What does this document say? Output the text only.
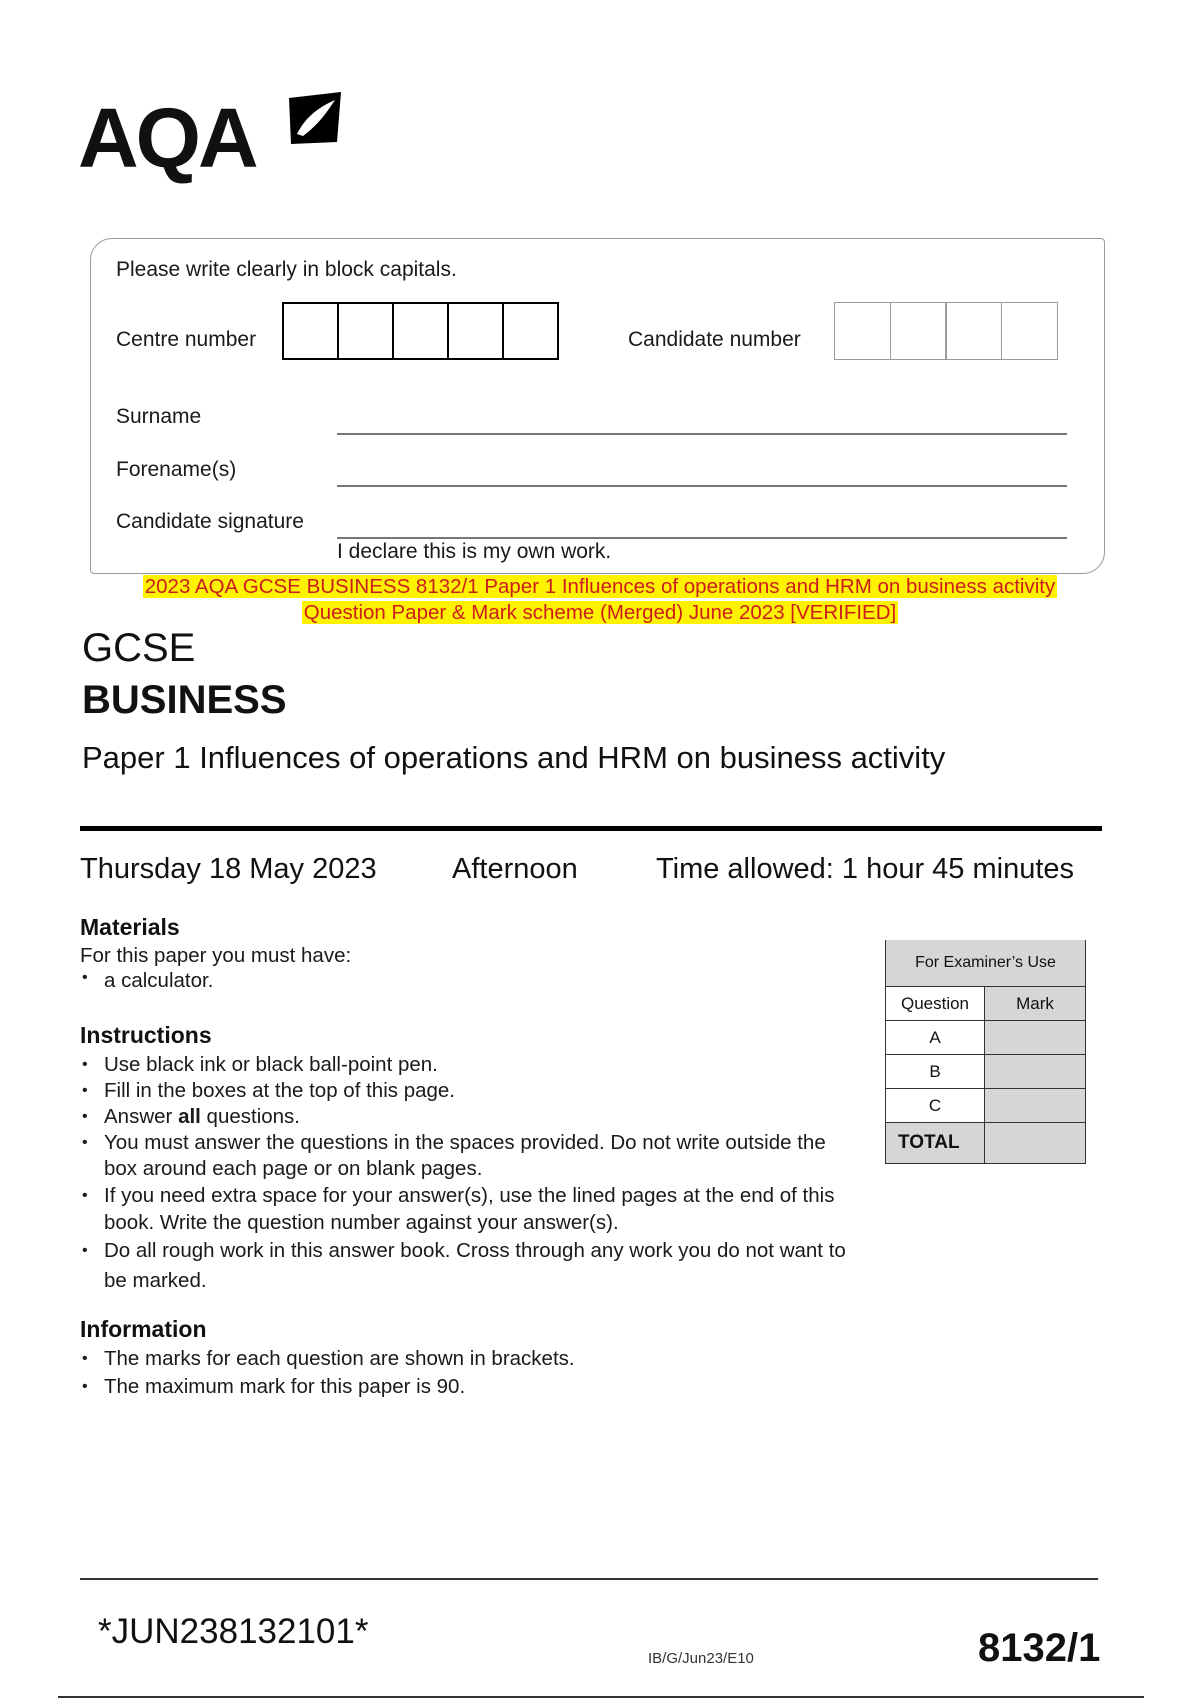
AQA
Please write clearly in block capitals.
Centre number	Candidate number
Surname
Forename(s)
Candidate signature
I declare this is my own work.
2023 AQA GCSE BUSINESS 8132/1 Paper 1 Influences of operations and HRM on business activity
Question Paper & Mark scheme (Merged) June 2023 [VERIFIED]
GCSE
BUSINESS
Paper 1 Influences of operations and HRM on business activity
Thursday 18 May 2023	Afternoon	Time allowed: 1 hour 45 minutes
Materials
For this paper you must have:
• a calculator.
Instructions
• Use black ink or black ball-point pen.
• Fill in the boxes at the top of this page.
• Answer all questions.
• You must answer the questions in the spaces provided. Do not write outside the box around each page or on blank pages.
• If you need extra space for your answer(s), use the lined pages at the end of this book. Write the question number against your answer(s).
• Do all rough work in this answer book. Cross through any work you do not want to be marked.
Information
• The marks for each question are shown in brackets.
• The maximum mark for this paper is 90.
For Examiner’s Use	
Question	Mark
A	
B	
C	
TOTAL	
*JUN238132101*
IB/G/Jun23/E10	8132/1
